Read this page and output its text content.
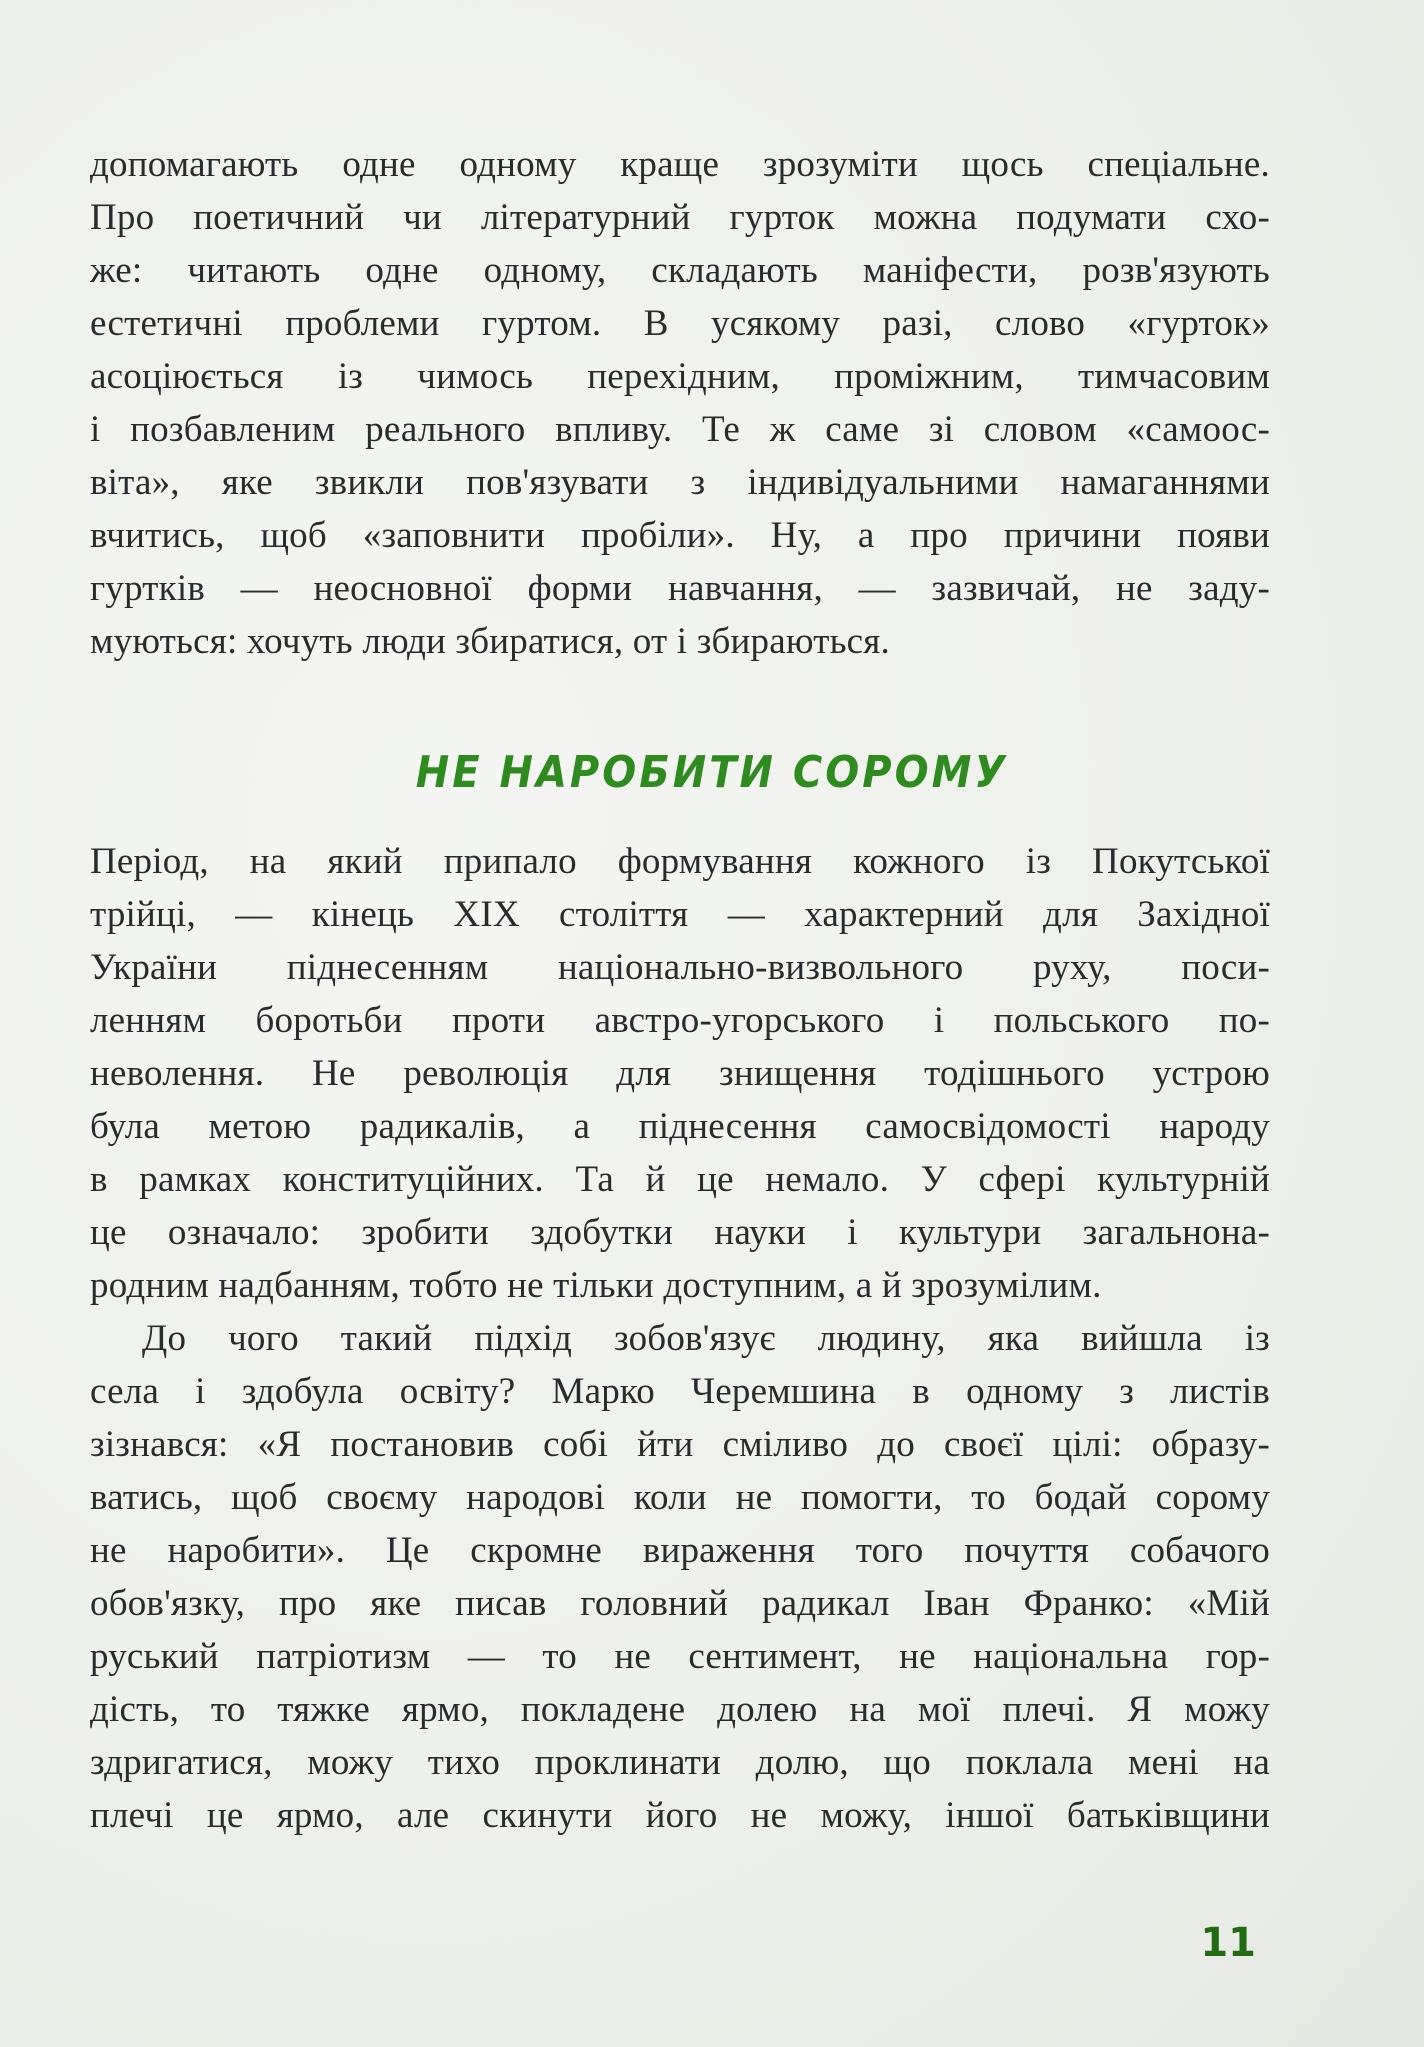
допомагають одне одному краще зрозуміти щось спеціальне.
Про поетичний чи літературний гурток можна подумати схо-
же: читають одне одному, складають маніфести, розв'язують
естетичні проблеми гуртом. В усякому разі, слово «гурток»
асоціюється із чимось перехідним, проміжним, тимчасовим
і позбавленим реального впливу. Те ж саме зі словом «самоос-
віта», яке звикли пов'язувати з індивідуальними намаганнями
вчитись, щоб «заповнити пробіли». Ну, а про причини появи
гуртків — неосновної форми навчання, — зазвичай, не заду-
муються: хочуть люди збиратися, от і збираються.
НЕ НАРОБИТИ СОРОМУ
Період, на який припало формування кожного із Покутської
трійці, — кінець XIX століття — характерний для Західної
України піднесенням національно-визвольного руху, поси-
ленням боротьби проти австро-угорського і польського по-
неволення. Не революція для знищення тодішнього устрою
була метою радикалів, а піднесення самосвідомості народу
в рамках конституційних. Та й це немало. У сфері культурній
це означало: зробити здобутки науки і культури загальнона-
родним надбанням, тобто не тільки доступним, а й зрозумілим.
До чого такий підхід зобов'язує людину, яка вийшла із
села і здобула освіту? Марко Черемшина в одному з листів
зізнався: «Я постановив собі йти сміливо до своєї цілі: образу-
ватись, щоб своєму народові коли не помогти, то бодай сорому
не наробити». Це скромне вираження того почуття собачого
обов'язку, про яке писав головний радикал Іван Франко: «Мій
руський патріотизм — то не сентимент, не національна гор-
дість, то тяжке ярмо, покладене долею на мої плечі. Я можу
здригатися, можу тихо проклинати долю, що поклала мені на
плечі це ярмо, але скинути його не можу, іншої батьківщини
11
